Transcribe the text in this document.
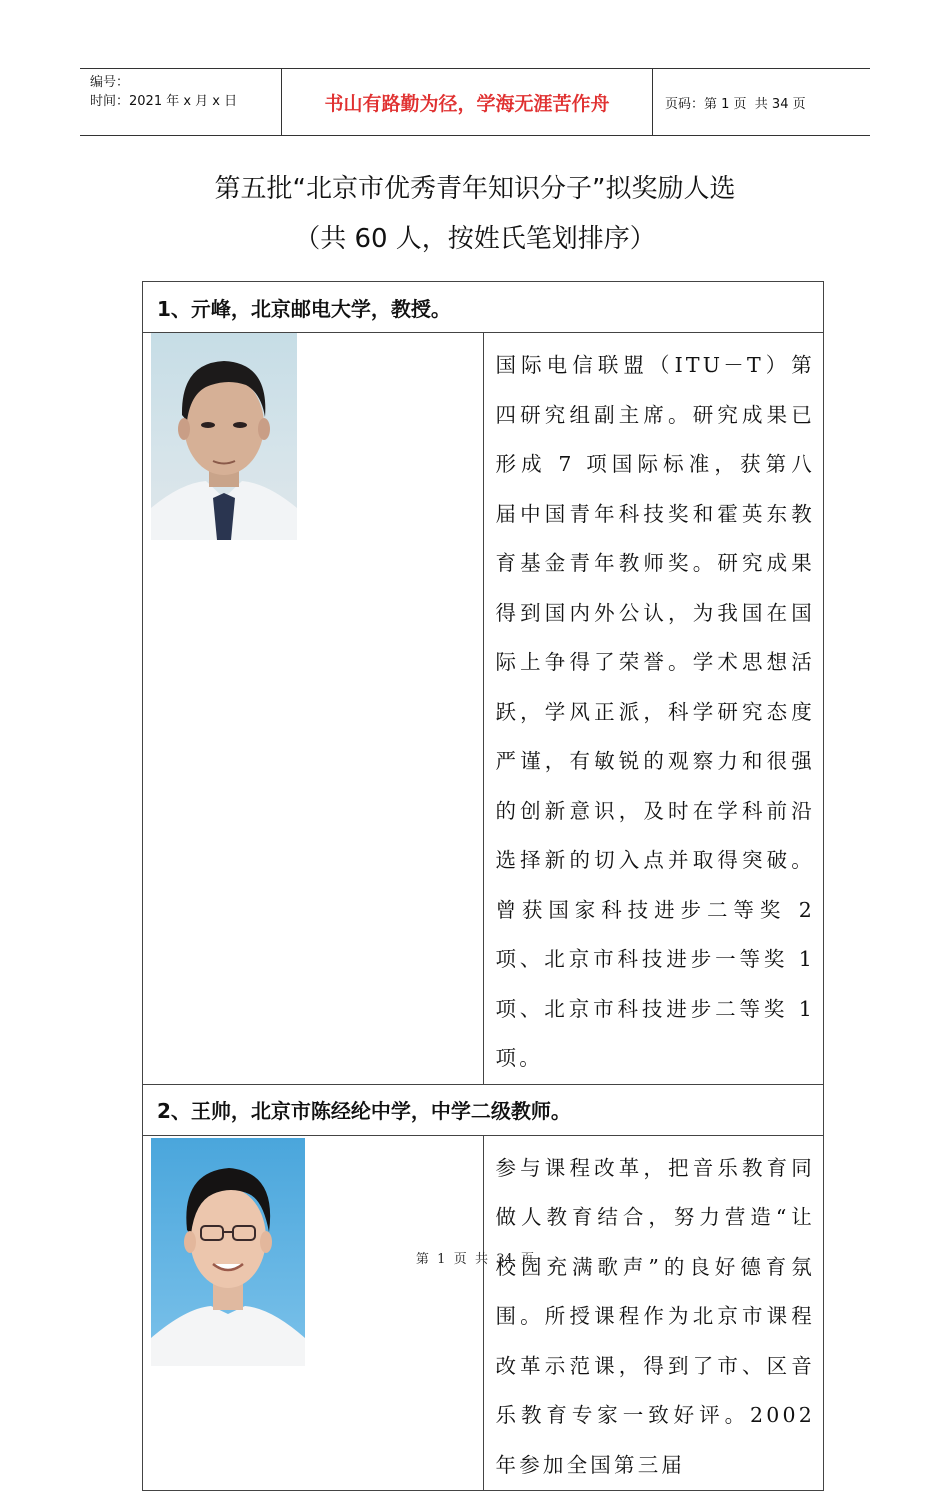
编号：
时间：2021 年 x 月 x 日	书山有路勤为径，学海无涯苦作舟	页码：第 1 页  共 34 页
第五批“北京市优秀青年知识分子”拟奖励人选
（共 60 人，按姓氏笔划排序）
1、亓峰，北京邮电大学，教授。	

	国际电信联盟（ITU－T）第四研究组副主席。研究成果已形成 7 项国际标准，获第八届中国青年科技奖和霍英东教育基金青年教师奖。研究成果得到国内外公认，为我国在国际上争得了荣誉。学术思想活跃，学风正派，科学研究态度严谨，有敏锐的观察力和很强的创新意识，及时在学科前沿选择新的切入点并取得突破。曾获国家科技进步二等奖 2 项、北京市科技进步一等奖 1 项、北京市科技进步二等奖 1 项。
2、王帅，北京市陈经纶中学，中学二级教师。	

	参与课程改革，把音乐教育同做人教育结合，努力营造“让校园充满歌声”的良好德育氛围。所授课程作为北京市课程改革示范课，得到了市、区音乐教育专家一致好评。2002 年参加全国第三届
第  1  页  共  34  页
